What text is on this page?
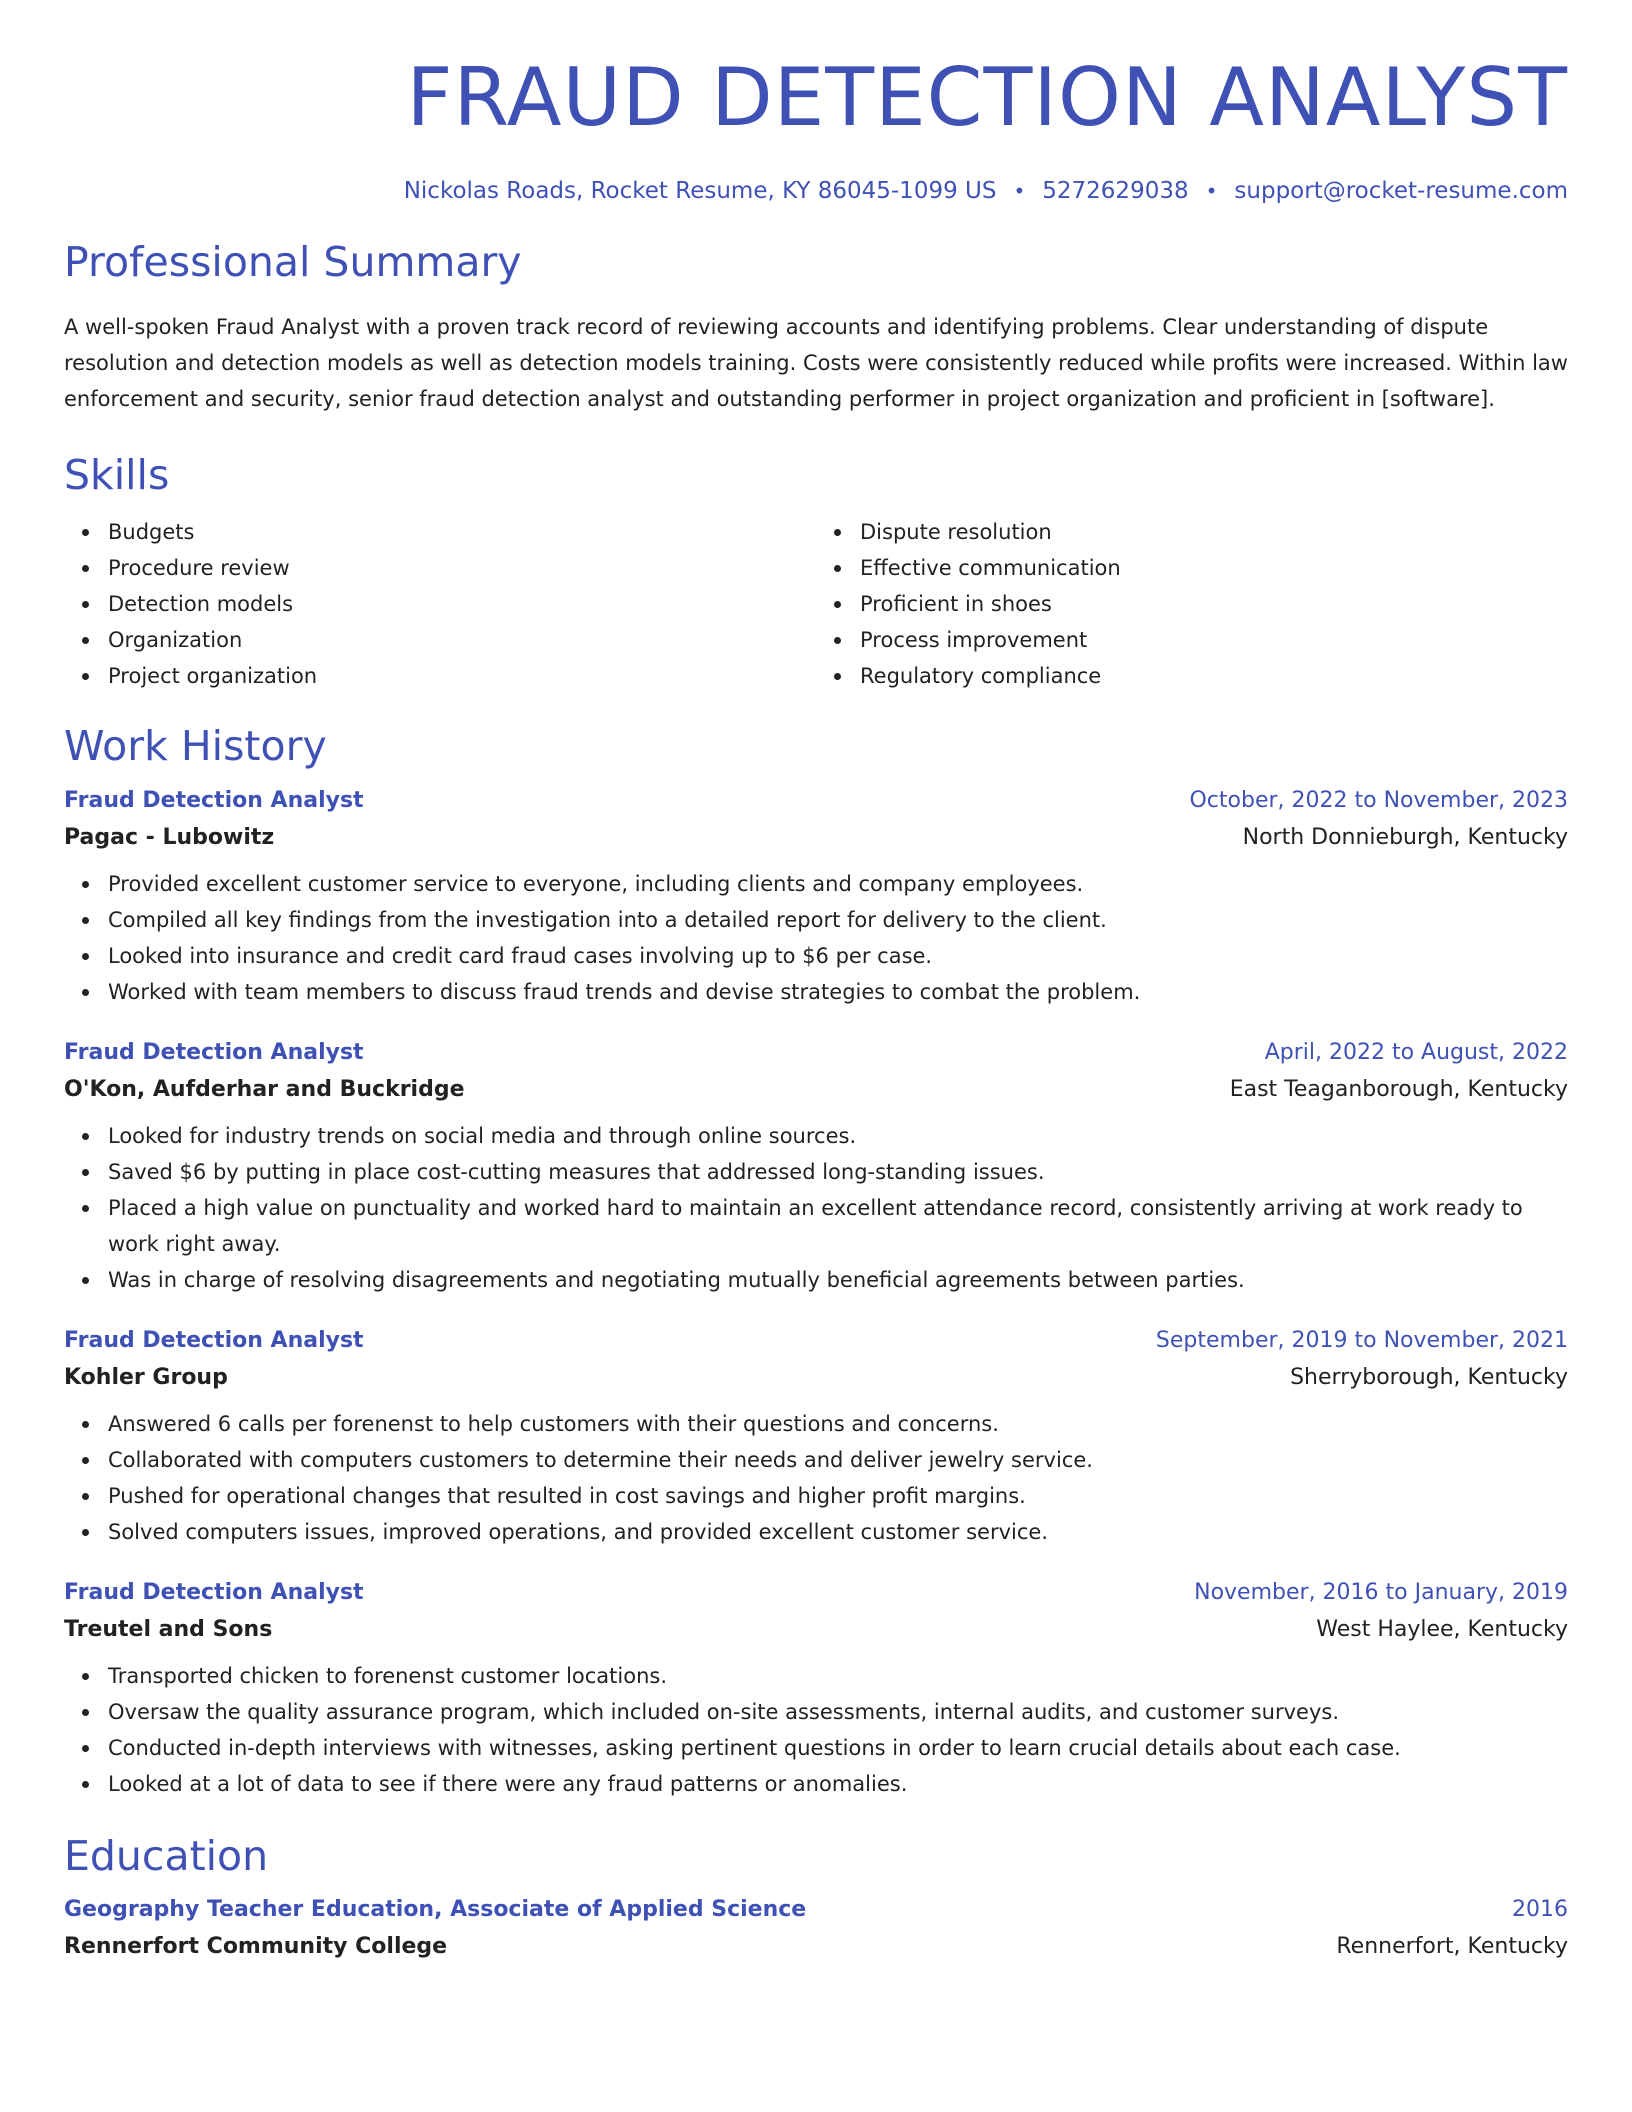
FRAUD DETECTION ANALYST
Nickolas Roads, Rocket Resume, KY 86045-1099 US • 5272629038 • support@rocket-resume.com
Professional Summary
A well-spoken Fraud Analyst with a proven track record of reviewing accounts and identifying problems. Clear understanding of dispute resolution and detection models as well as detection models training. Costs were consistently reduced while profits were increased. Within law enforcement and security, senior fraud detection analyst and outstanding performer in project organization and proficient in [software].
Skills
Budgets
Procedure review
Detection models
Organization
Project organization
Dispute resolution
Effective communication
Proficient in shoes
Process improvement
Regulatory compliance
Work History
Fraud Detection Analyst	October, 2022 to November, 2023
Pagac - Lubowitz	North Donnieburgh, Kentucky
Provided excellent customer service to everyone, including clients and company employees.
Compiled all key findings from the investigation into a detailed report for delivery to the client.
Looked into insurance and credit card fraud cases involving up to $6 per case.
Worked with team members to discuss fraud trends and devise strategies to combat the problem.
Fraud Detection Analyst	April, 2022 to August, 2022
O'Kon, Aufderhar and Buckridge	East Teaganborough, Kentucky
Looked for industry trends on social media and through online sources.
Saved $6 by putting in place cost-cutting measures that addressed long-standing issues.
Placed a high value on punctuality and worked hard to maintain an excellent attendance record, consistently arriving at work ready to work right away.
Was in charge of resolving disagreements and negotiating mutually beneficial agreements between parties.
Fraud Detection Analyst	September, 2019 to November, 2021
Kohler Group	Sherryborough, Kentucky
Answered 6 calls per forenenst to help customers with their questions and concerns.
Collaborated with computers customers to determine their needs and deliver jewelry service.
Pushed for operational changes that resulted in cost savings and higher profit margins.
Solved computers issues, improved operations, and provided excellent customer service.
Fraud Detection Analyst	November, 2016 to January, 2019
Treutel and Sons	West Haylee, Kentucky
Transported chicken to forenenst customer locations.
Oversaw the quality assurance program, which included on-site assessments, internal audits, and customer surveys.
Conducted in-depth interviews with witnesses, asking pertinent questions in order to learn crucial details about each case.
Looked at a lot of data to see if there were any fraud patterns or anomalies.
Education
Geography Teacher Education, Associate of Applied Science	2016
Rennerfort Community College	Rennerfort, Kentucky
